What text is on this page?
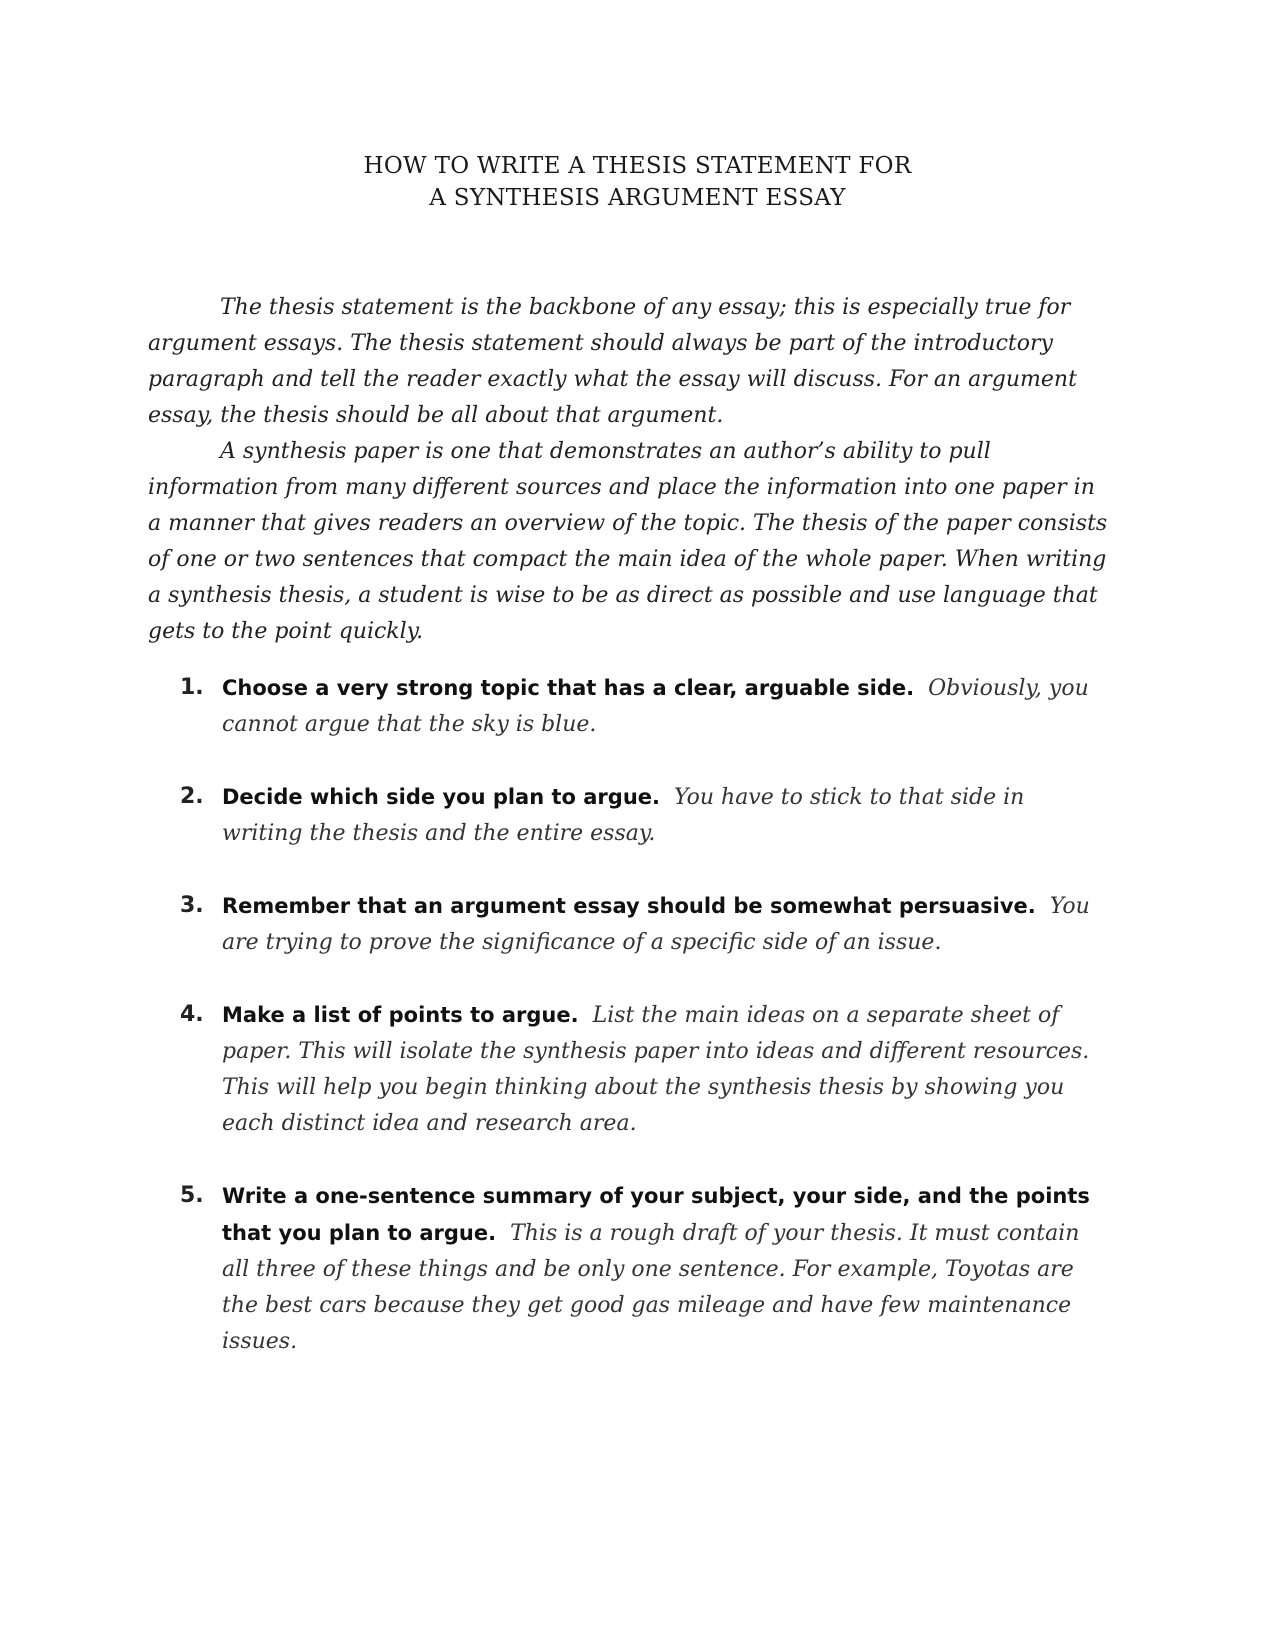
HOW TO WRITE A THESIS STATEMENT FOR
A SYNTHESIS ARGUMENT ESSAY

The thesis statement is the backbone of any essay; this is especially true for argument essays. The thesis statement should always be part of the introductory paragraph and tell the reader exactly what the essay will discuss. For an argument essay, the thesis should be all about that argument.

A synthesis paper is one that demonstrates an author’s ability to pull information from many different sources and place the information into one paper in a manner that gives readers an overview of the topic. The thesis of the paper consists of one or two sentences that compact the main idea of the whole paper. When writing a synthesis thesis, a student is wise to be as direct as possible and use language that gets to the point quickly.

1. Choose a very strong topic that has a clear, arguable side. Obviously, you cannot argue that the sky is blue.
2. Decide which side you plan to argue. You have to stick to that side in writing the thesis and the entire essay.
3. Remember that an argument essay should be somewhat persuasive. You are trying to prove the significance of a specific side of an issue.
4. Make a list of points to argue. List the main ideas on a separate sheet of paper. This will isolate the synthesis paper into ideas and different resources. This will help you begin thinking about the synthesis thesis by showing you each distinct idea and research area.
5. Write a one-sentence summary of your subject, your side, and the points that you plan to argue. This is a rough draft of your thesis. It must contain all three of these things and be only one sentence. For example, Toyotas are the best cars because they get good gas mileage and have few maintenance issues.
